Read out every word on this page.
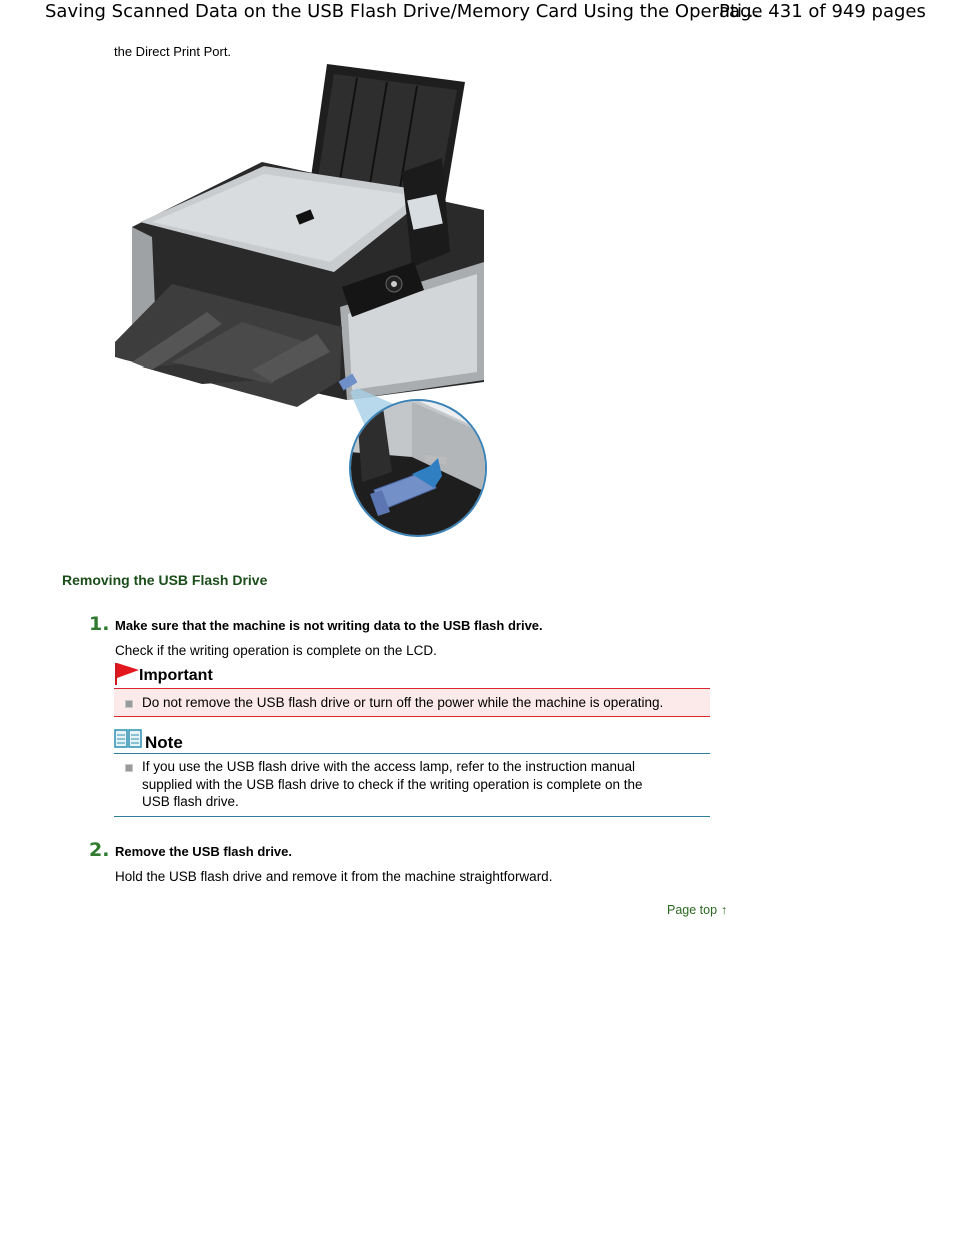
Saving Scanned Data on the USB Flash Drive/Memory Card Using the Operati...
Page 431 of 949 pages
the Direct Print Port.
Removing the USB Flash Drive
1. Make sure that the machine is not writing data to the USB flash drive.
Check if the writing operation is complete on the LCD.
Important
Do not remove the USB flash drive or turn off the power while the machine is operating.
Note
If you use the USB flash drive with the access lamp, refer to the instruction manual
supplied with the USB flash drive to check if the writing operation is complete on the
USB flash drive.
2. Remove the USB flash drive.
Hold the USB flash drive and remove it from the machine straightforward.
Page top ↑
